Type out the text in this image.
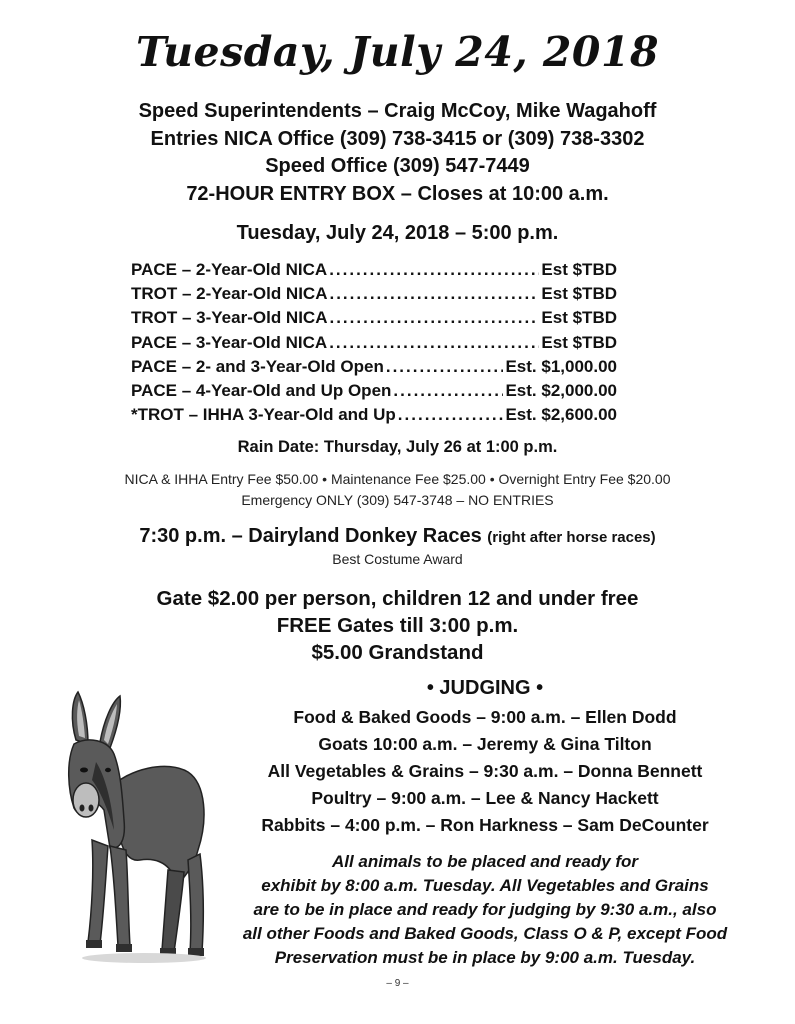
Tuesday, July 24, 2018
Speed Superintendents – Craig McCoy, Mike Wagahoff
Entries NICA Office (309) 738-3415 or (309) 738-3302
Speed Office (309) 547-7449
72-HOUR ENTRY BOX – Closes at 10:00 a.m.
Tuesday, July 24, 2018 – 5:00 p.m.
PACE – 2-Year-Old NICA .....	Est $TBD
TROT – 2-Year-Old NICA .....	Est $TBD
TROT – 3-Year-Old NICA .....	Est $TBD
PACE – 3-Year-Old NICA .....	Est $TBD
PACE – 2- and 3-Year-Old Open .....	Est. $1,000.00
PACE – 4-Year-Old and Up Open .....	Est. $2,000.00
*TROT – IHHA 3-Year-Old and Up .....	Est. $2,600.00
Rain Date: Thursday, July 26 at 1:00 p.m.
NICA & IHHA Entry Fee $50.00 • Maintenance Fee $25.00 • Overnight Entry Fee $20.00
Emergency ONLY (309) 547-3748 – NO ENTRIES
7:30 p.m. – Dairyland Donkey Races (right after horse races)
Best Costume Award
Gate $2.00 per person, children 12 and under free
FREE Gates till 3:00 p.m.
$5.00 Grandstand
• JUDGING •
Food & Baked Goods – 9:00 a.m. – Ellen Dodd
Goats 10:00 a.m. – Jeremy & Gina Tilton
All Vegetables & Grains – 9:30 a.m. – Donna Bennett
Poultry – 9:00 a.m. – Lee & Nancy Hackett
Rabbits – 4:00 p.m. – Ron Harkness – Sam DeCounter
All animals to be placed and ready for
exhibit by 8:00 a.m. Tuesday. All Vegetables and Grains
are to be in place and ready for judging by 9:30 a.m., also
all other Foods and Baked Goods, Class O & P, except Food
Preservation must be in place by 9:00 a.m. Tuesday.
– 9 –
